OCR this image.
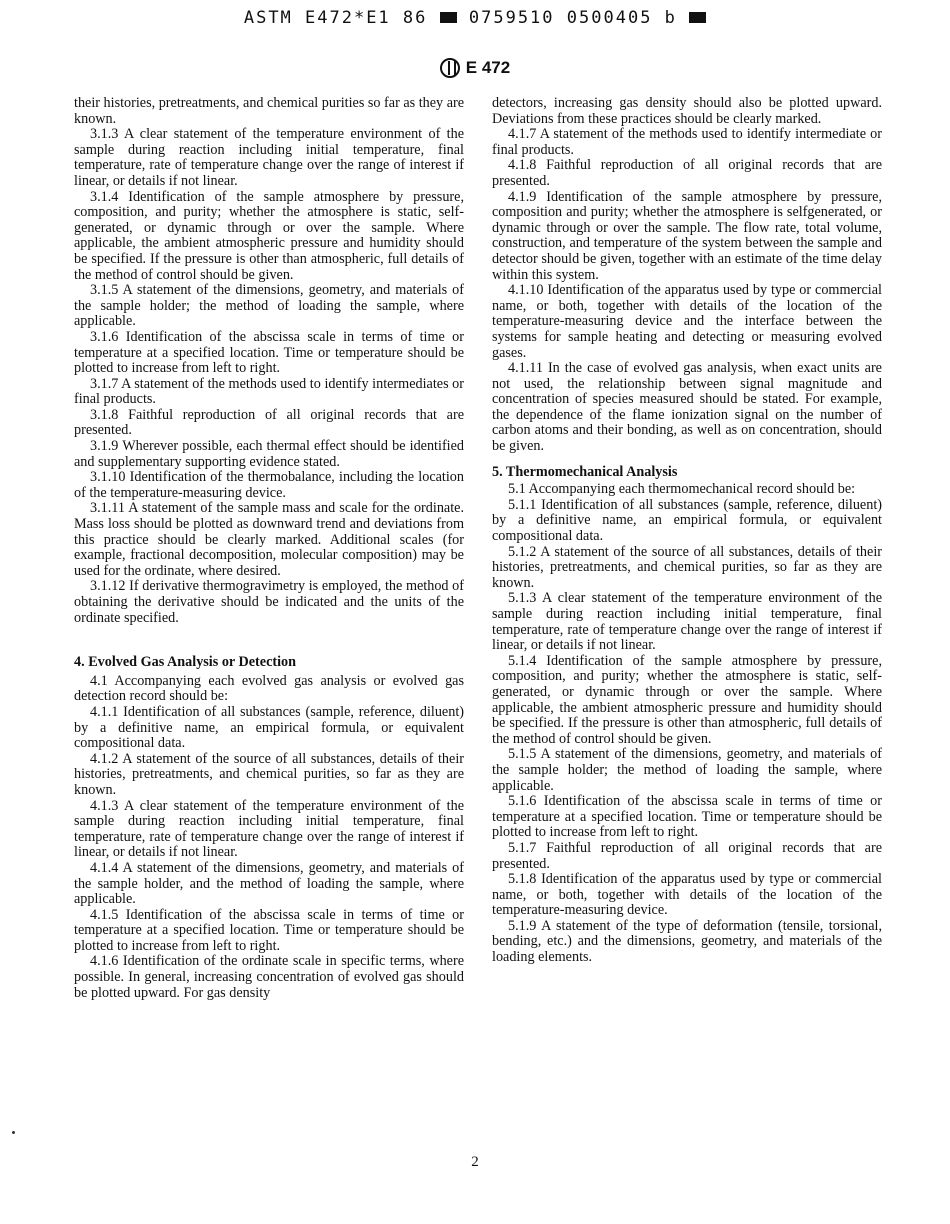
ASTM E472*E1 86 0759510 0500405 b
E 472

their histories, pretreatments, and chemical purities so far as they are known.

3.1.3 A clear statement of the temperature environment of the sample during reaction including initial temperature, final temperature, rate of temperature change over the range of interest if linear, or details if not linear.

3.1.4 Identification of the sample atmosphere by pressure, composition, and purity; whether the atmosphere is static, self-generated, or dynamic through or over the sample. Where applicable, the ambient atmospheric pressure and humidity should be specified. If the pressure is other than atmospheric, full details of the method of control should be given.

3.1.5 A statement of the dimensions, geometry, and materials of the sample holder; the method of loading the sample, where applicable.

3.1.6 Identification of the abscissa scale in terms of time or temperature at a specified location. Time or temperature should be plotted to increase from left to right.

3.1.7 A statement of the methods used to identify intermediates or final products.

3.1.8 Faithful reproduction of all original records that are presented.

3.1.9 Wherever possible, each thermal effect should be identified and supplementary supporting evidence stated.

3.1.10 Identification of the thermobalance, including the location of the temperature-measuring device.

3.1.11 A statement of the sample mass and scale for the ordinate. Mass loss should be plotted as downward trend and deviations from this practice should be clearly marked. Additional scales (for example, fractional decomposition, molecular composition) may be used for the ordinate, where desired.

3.1.12 If derivative thermogravimetry is employed, the method of obtaining the derivative should be indicated and the units of the ordinate specified.

4. Evolved Gas Analysis or Detection

4.1 Accompanying each evolved gas analysis or evolved gas detection record should be:

4.1.1 Identification of all substances (sample, reference, diluent) by a definitive name, an empirical formula, or equivalent compositional data.

4.1.2 A statement of the source of all substances, details of their histories, pretreatments, and chemical purities, so far as they are known.

4.1.3 A clear statement of the temperature environment of the sample during reaction including initial temperature, final temperature, rate of temperature change over the range of interest if linear, or details if not linear.

4.1.4 A statement of the dimensions, geometry, and materials of the sample holder, and the method of loading the sample, where applicable.

4.1.5 Identification of the abscissa scale in terms of time or temperature at a specified location. Time or temperature should be plotted to increase from left to right.

4.1.6 Identification of the ordinate scale in specific terms, where possible. In general, increasing concentration of evolved gas should be plotted upward. For gas density

detectors, increasing gas density should also be plotted upward. Deviations from these practices should be clearly marked.

4.1.7 A statement of the methods used to identify intermediate or final products.

4.1.8 Faithful reproduction of all original records that are presented.

4.1.9 Identification of the sample atmosphere by pressure, composition and purity; whether the atmosphere is selfgenerated, or dynamic through or over the sample. The flow rate, total volume, construction, and temperature of the system between the sample and detector should be given, together with an estimate of the time delay within this system.

4.1.10 Identification of the apparatus used by type or commercial name, or both, together with details of the location of the temperature-measuring device and the interface between the systems for sample heating and detecting or measuring evolved gases.

4.1.11 In the case of evolved gas analysis, when exact units are not used, the relationship between signal magnitude and concentration of species measured should be stated. For example, the dependence of the flame ionization signal on the number of carbon atoms and their bonding, as well as on concentration, should be given.

5. Thermomechanical Analysis

5.1 Accompanying each thermomechanical record should be:

5.1.1 Identification of all substances (sample, reference, diluent) by a definitive name, an empirical formula, or equivalent compositional data.

5.1.2 A statement of the source of all substances, details of their histories, pretreatments, and chemical purities, so far as they are known.

5.1.3 A clear statement of the temperature environment of the sample during reaction including initial temperature, final temperature, rate of temperature change over the range of interest if linear, or details if not linear.

5.1.4 Identification of the sample atmosphere by pressure, composition, and purity; whether the atmosphere is static, self-generated, or dynamic through or over the sample. Where applicable, the ambient atmospheric pressure and humidity should be specified. If the pressure is other than atmospheric, full details of the method of control should be given.

5.1.5 A statement of the dimensions, geometry, and materials of the sample holder; the method of loading the sample, where applicable.

5.1.6 Identification of the abscissa scale in terms of time or temperature at a specified location. Time or temperature should be plotted to increase from left to right.

5.1.7 Faithful reproduction of all original records that are presented.

5.1.8 Identification of the apparatus used by type or commercial name, or both, together with details of the location of the temperature-measuring device.

5.1.9 A statement of the type of deformation (tensile, torsional, bending, etc.) and the dimensions, geometry, and materials of the loading elements.

2
